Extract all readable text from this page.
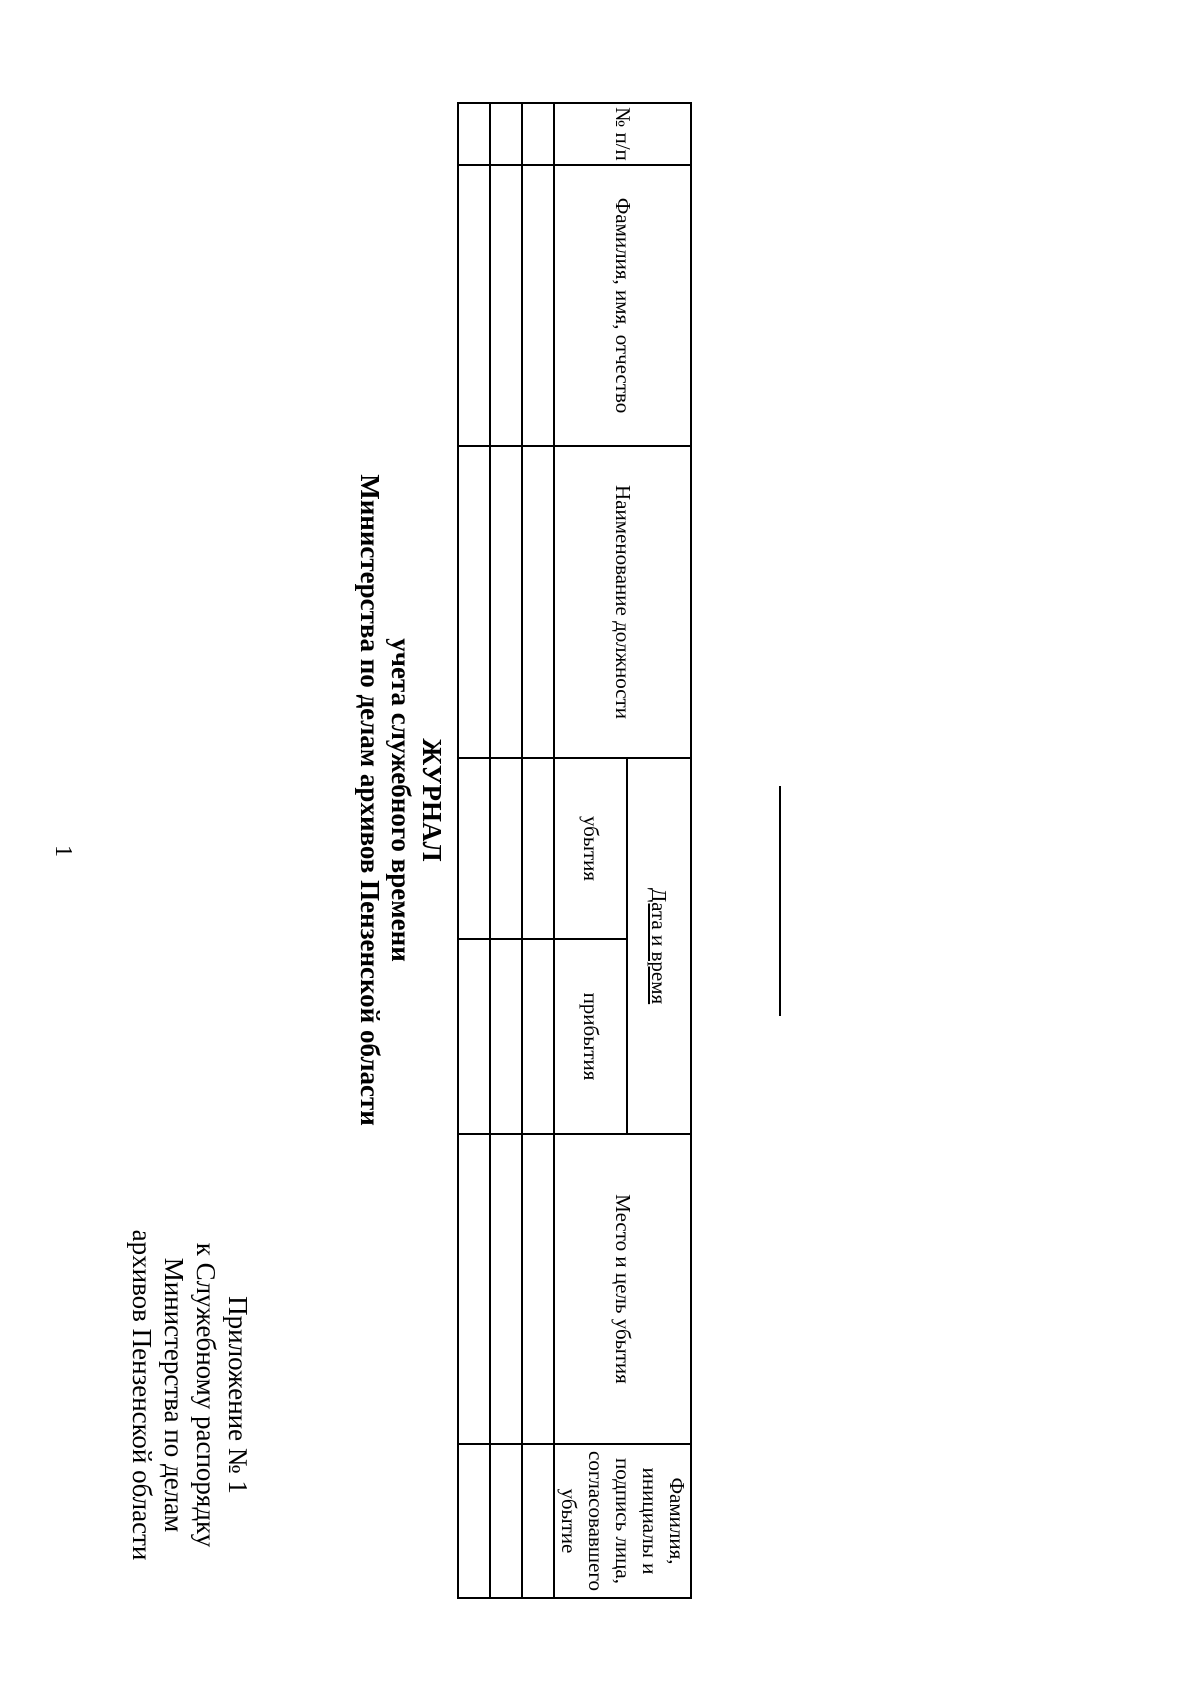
1
Приложение № 1
к Служебному распорядку
Министерства по делам
архивов Пензенской области
ЖУРНАЛ
учета служебного времени
Министерства по делам архивов Пензенской области
№ п/п	Фамилия, имя, отчество	Наименование должности	Дата и время		Место и цель убытия	Фамилия, инициалы и подпись лица, согласовавшего убытие
			убытия	прибытия		
